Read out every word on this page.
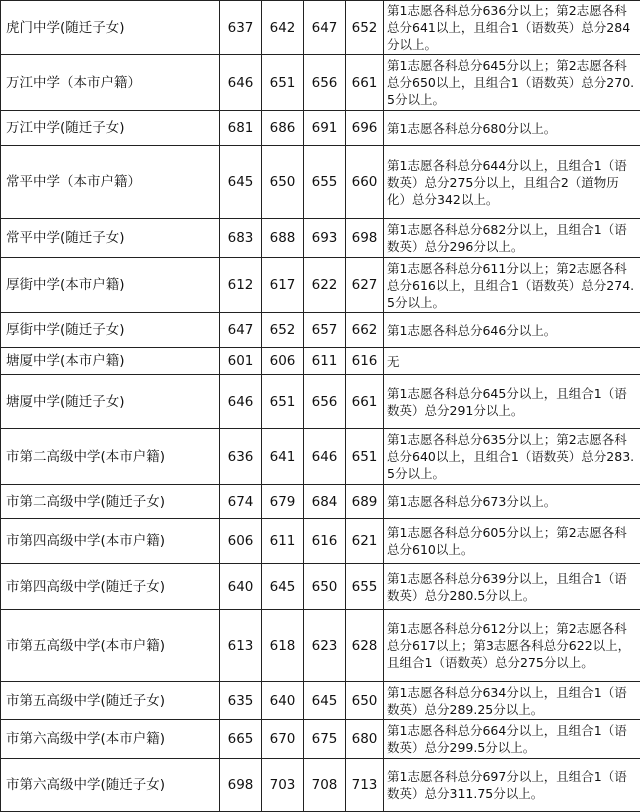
虎门中学(随迁子女)	637	642	647	652	第1志愿各科总分636分以上；第2志愿各科总分641以上，且组合1（语数英）总分284分以上。
万江中学（本市户籍）	646	651	656	661	第1志愿各科总分645分以上；第2志愿各科总分650以上，且组合1（语数英）总分270.5分以上。
万江中学(随迁子女)	681	686	691	696	第1志愿各科总分680分以上。
常平中学（本市户籍）	645	650	655	660	第1志愿各科总分644分以上，且组合1（语数英）总分275分以上，且组合2（道物历化）总分342以上。
常平中学(随迁子女)	683	688	693	698	第1志愿各科总分682分以上，且组合1（语数英）总分296分以上。
厚街中学(本市户籍)	612	617	622	627	第1志愿各科总分611分以上；第2志愿各科总分616以上，且组合1（语数英）总分274.5分以上。
厚街中学(随迁子女)	647	652	657	662	第1志愿各科总分646分以上。
塘厦中学(本市户籍)	601	606	611	616	无
塘厦中学(随迁子女)	646	651	656	661	第1志愿各科总分645分以上，且组合1（语数英）总分291分以上。
市第二高级中学(本市户籍)	636	641	646	651	第1志愿各科总分635分以上；第2志愿各科总分640以上，且组合1（语数英）总分283.5分以上。
市第二高级中学(随迁子女)	674	679	684	689	第1志愿各科总分673分以上。
市第四高级中学(本市户籍)	606	611	616	621	第1志愿各科总分605分以上；第2志愿各科总分610以上。
市第四高级中学(随迁子女)	640	645	650	655	第1志愿各科总分639分以上，且组合1（语数英）总分280.5分以上。
市第五高级中学(本市户籍)	613	618	623	628	第1志愿各科总分612分以上；第2志愿各科总分617以上；第3志愿各科总分622以上，且组合1（语数英）总分275分以上。
市第五高级中学(随迁子女)	635	640	645	650	第1志愿各科总分634分以上，且组合1（语数英）总分289.25分以上。
市第六高级中学(本市户籍)	665	670	675	680	第1志愿各科总分664分以上，且组合1（语数英）总分299.5分以上。
市第六高级中学(随迁子女)	698	703	708	713	第1志愿各科总分697分以上，且组合1（语数英）总分311.75分以上。
